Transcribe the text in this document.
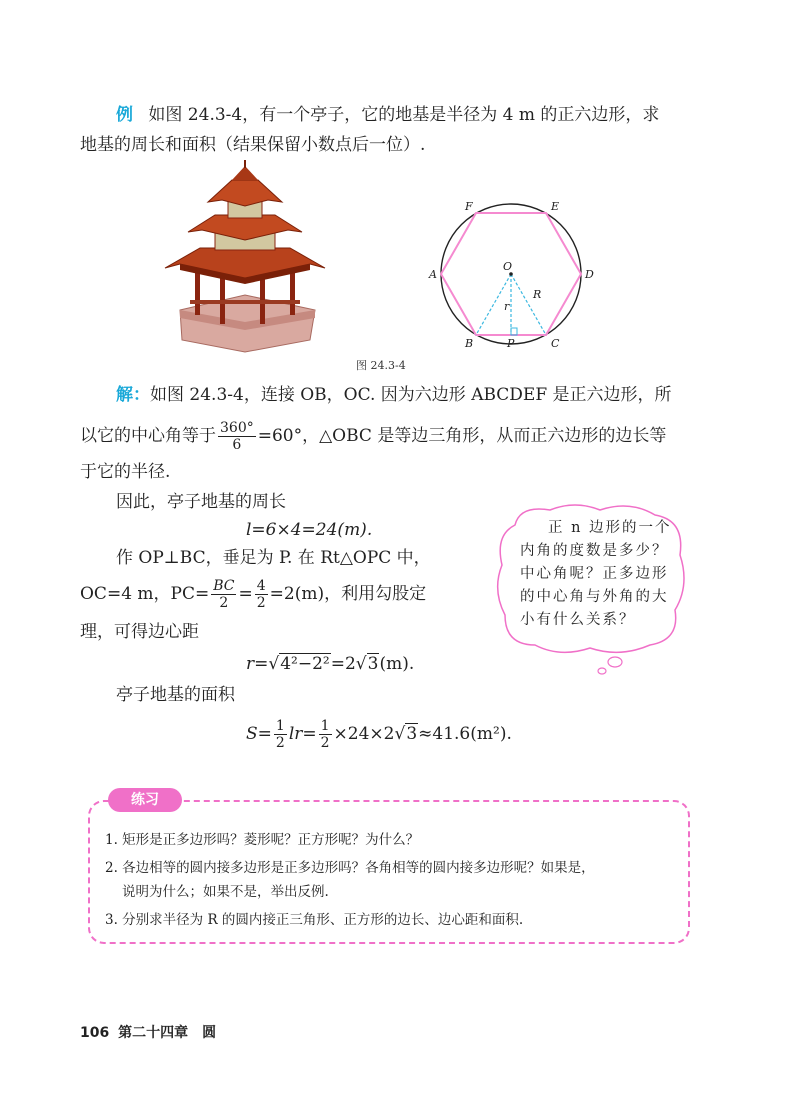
例 如图 24.3-4，有一个亭子，它的地基是半径为 4 m 的正六边形，求
地基的周长和面积（结果保留小数点后一位）.
F	E
A	D
B	C
P
O
r
R
图 24.3-4
解：如图 24.3-4，连接 OB，OC. 因为六边形 ABCDEF 是正六边形，所
以它的中心角等于 $\frac{360^\circ}{6} =60^\circ$，△OBC 是等边三角形，从而正六边形的边长等
于它的半径.
因此，亭子地基的周长
l=6×4=24(m).
作 OP⊥BC，垂足为 P. 在 Rt△OPC 中，
OC=4 m，$PC= \frac{BC}{2} = \frac{4}{2} =2(m)$，利用勾股定
理，可得边心距
r=√4²−2²=2√3(m).
亭子地基的面积
$S= \frac{1}{2} lr= \frac{1}{2} \times 24\times 2√3\approx 41.6(m^2)$.
正 n 边形的一个
内角的度数是多少？
中心角呢？正多边形
的中心角与外角的大
小有什么关系？
练习
1. 矩形是正多边形吗？菱形呢？正方形呢？为什么？
2. 各边相等的圆内接多边形是正多边形吗？各角相等的圆内接多边形呢？如果是，
说明为什么；如果不是，举出反例.
3. 分别求半径为 R 的圆内接正三角形、正方形的边长、边心距和面积.
106 第二十四章　圆
